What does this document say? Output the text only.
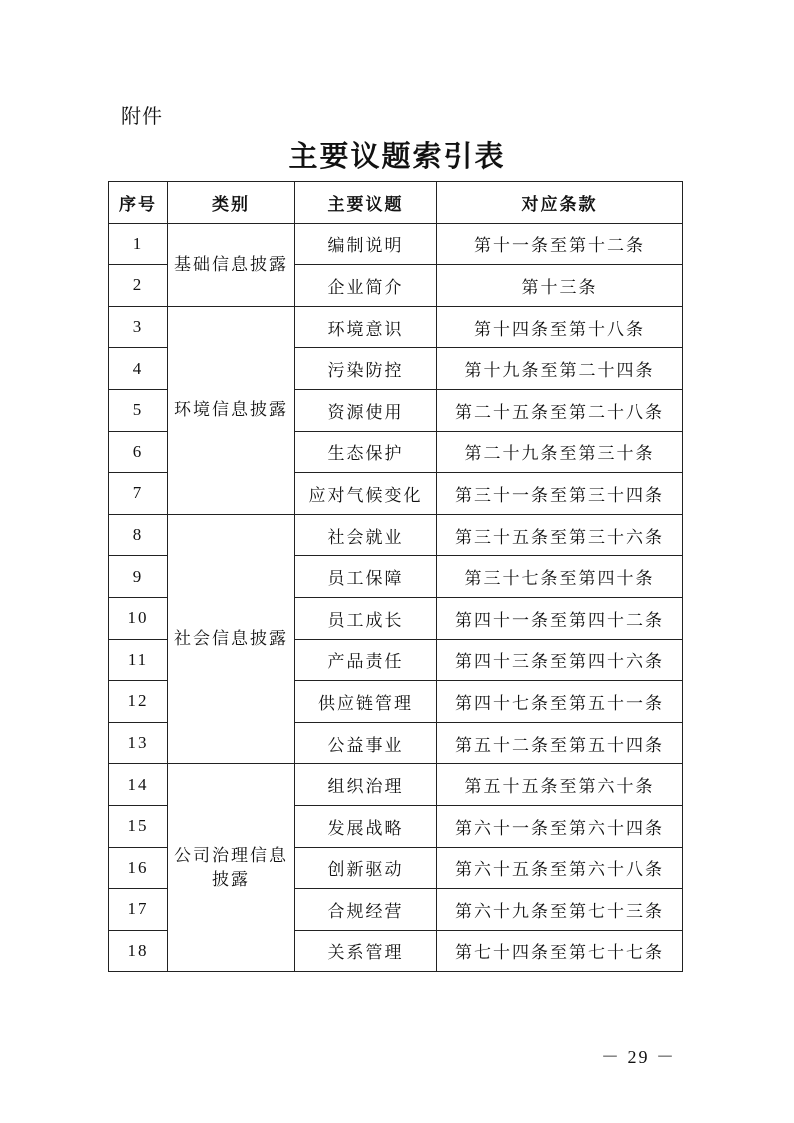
附件
主要议题索引表
序号	类别	主要议题	对应条款
1	基础信息披露	编制说明	第十一条至第十二条
2		企业简介	第十三条
3	环境信息披露	环境意识	第十四条至第十八条
4		污染防控	第十九条至第二十四条
5		资源使用	第二十五条至第二十八条
6		生态保护	第二十九条至第三十条
7		应对气候变化	第三十一条至第三十四条
8	社会信息披露	社会就业	第三十五条至第三十六条
9		员工保障	第三十七条至第四十条
10		员工成长	第四十一条至第四十二条
11		产品责任	第四十三条至第四十六条
12		供应链管理	第四十七条至第五十一条
13		公益事业	第五十二条至第五十四条
14	公司治理信息披露	组织治理	第五十五条至第六十条
15		发展战略	第六十一条至第六十四条
16		创新驱动	第六十五条至第六十八条
17		合规经营	第六十九条至第七十三条
18		关系管理	第七十四条至第七十七条
－ 29 －
